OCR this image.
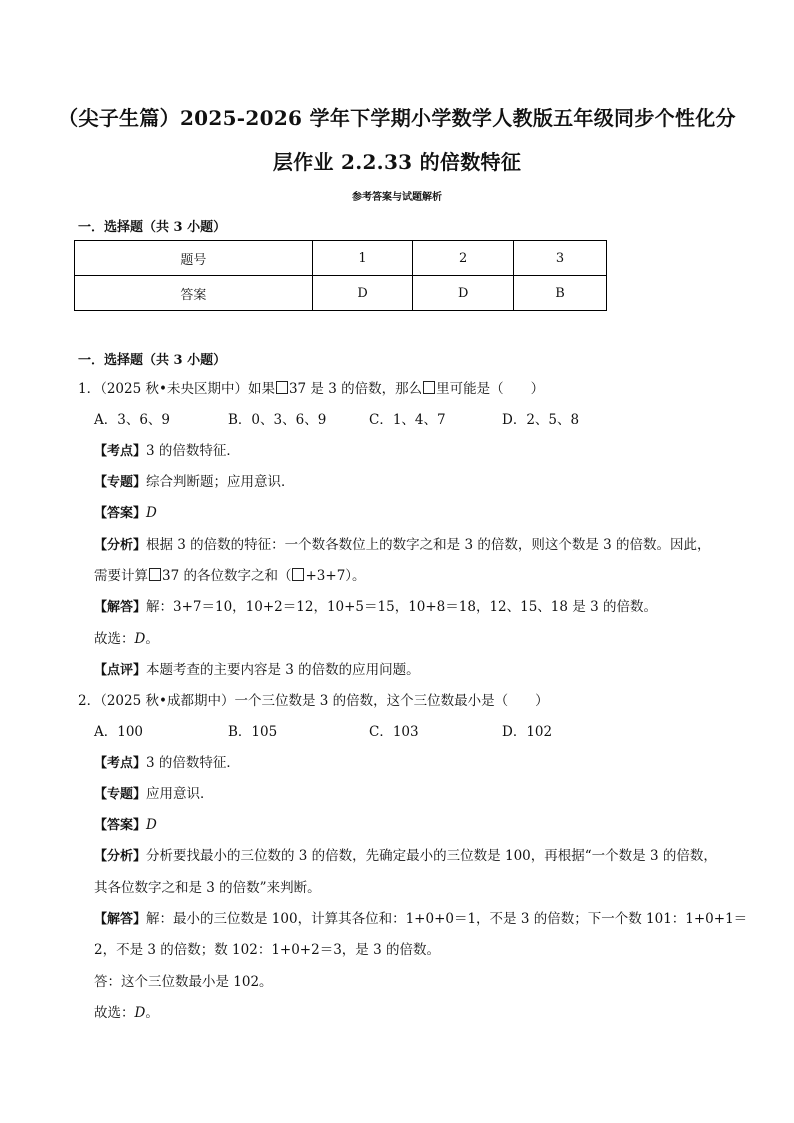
（尖子生篇）2025-2026 学年下学期小学数学人教版五年级同步个性化分
层作业 2.2.33 的倍数特征
参考答案与试题解析
一．选择题（共 3 小题）
题号	1	2	3
答案	D	D	B
一．选择题（共 3 小题）
1．（2025 秋•未央区期中）如果 37 是 3 的倍数，那么 里可能是（　　）
A．3、6、9	B．0、3、6、9	C．1、4、7	D．2、5、8
【考点】3 的倍数特征．
【专题】综合判断题；应用意识．
【答案】D
【分析】根据 3 的倍数的特征：一个数各数位上的数字之和是 3 的倍数，则这个数是 3 的倍数。因此，
需要计算 37 的各位数字之和（ +3+7）。
【解答】解：3+7＝10，10+2＝12，10+5＝15，10+8＝18，12、15、18 是 3 的倍数。
故选：D。
【点评】本题考查的主要内容是 3 的倍数的应用问题。
2．（2025 秋•成都期中）一个三位数是 3 的倍数，这个三位数最小是（　　）
A．100	B．105	C．103	D．102
【考点】3 的倍数特征．
【专题】应用意识．
【答案】D
【分析】分析要找最小的三位数的 3 的倍数，先确定最小的三位数是 100，再根据“一个数是 3 的倍数，
其各位数字之和是 3 的倍数”来判断。
【解答】解：最小的三位数是 100，计算其各位和：1+0+0＝1，不是 3 的倍数；下一个数 101：1+0+1＝
2，不是 3 的倍数；数 102：1+0+2＝3，是 3 的倍数。
答：这个三位数最小是 102。
故选：D。
